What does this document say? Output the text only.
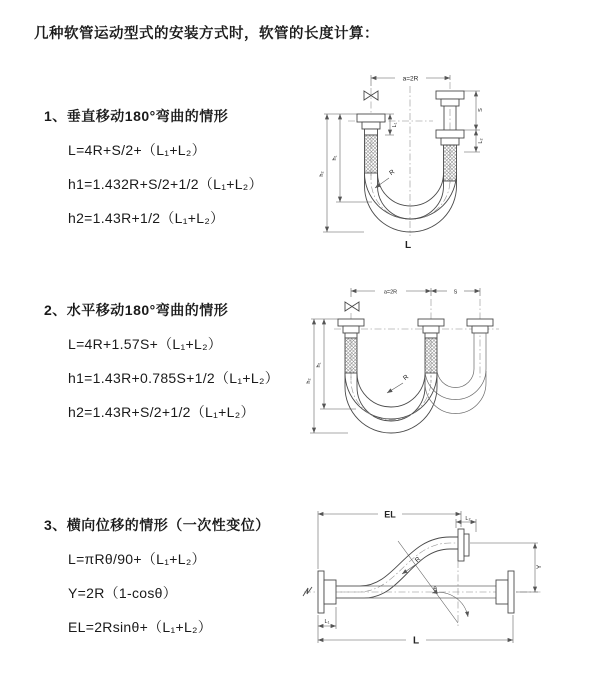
几种软管运动型式的安装方式时，软管的长度计算：
1、垂直移动180°弯曲的情形
L=4R+S/2+（L₁+L₂）
h1=1.432R+S/2+1/2（L₁+L₂）
h2=1.43R+1/2（L₁+L₂）
2、水平移动180°弯曲的情形
L=4R+1.57S+（L₁+L₂）
h1=1.43R+0.785S+1/2（L₁+L₂）
h2=1.43R+S/2+1/2（L₁+L₂）
3、横向位移的情形（一次性变位）
L=πRθ/90+（L₁+L₂）
Y=2R（1-cosθ）
EL=2Rsinθ+（L₁+L₂）
a=2R
L₁
S
L₂
h₁
h₂	R
L
a=2R	S
h₁
h₂	R
θ
EL	L₂
Y
L
L₁
R
